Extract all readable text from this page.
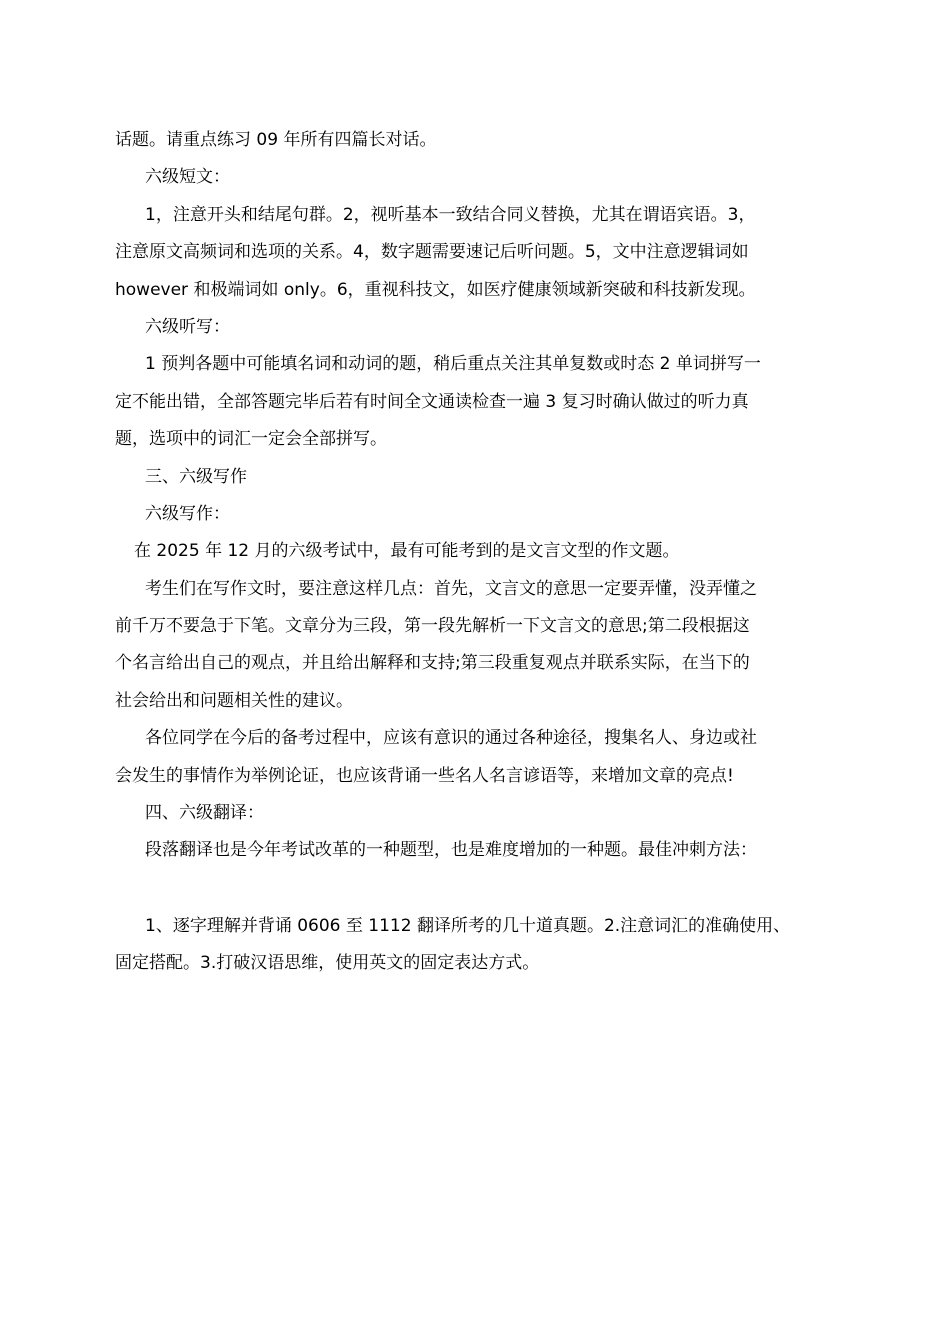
话题。请重点练习 09 年所有四篇长对话。
六级短文：
1，注意开头和结尾句群。2，视听基本一致结合同义替换，尤其在谓语宾语。3，
注意原文高频词和选项的关系。4，数字题需要速记后听问题。5，文中注意逻辑词如
however 和极端词如 only。6，重视科技文，如医疗健康领域新突破和科技新发现。
六级听写：
1 预判各题中可能填名词和动词的题，稍后重点关注其单复数或时态 2 单词拼写一
定不能出错，全部答题完毕后若有时间全文通读检查一遍 3 复习时确认做过的听力真
题，选项中的词汇一定会全部拼写。
三、六级写作
六级写作：
在 2025 年 12 月的六级考试中，最有可能考到的是文言文型的作文题。
考生们在写作文时，要注意这样几点：首先，文言文的意思一定要弄懂，没弄懂之
前千万不要急于下笔。文章分为三段，第一段先解析一下文言文的意思;第二段根据这
个名言给出自己的观点，并且给出解释和支持;第三段重复观点并联系实际，在当下的
社会给出和问题相关性的建议。
各位同学在今后的备考过程中，应该有意识的通过各种途径，搜集名人、身边或社
会发生的事情作为举例论证，也应该背诵一些名人名言谚语等，来增加文章的亮点!
四、六级翻译：
段落翻译也是今年考试改革的一种题型，也是难度增加的一种题。最佳冲刺方法：
1、逐字理解并背诵 0606 至 1112 翻译所考的几十道真题。2.注意词汇的准确使用、
固定搭配。3.打破汉语思维，使用英文的固定表达方式。
